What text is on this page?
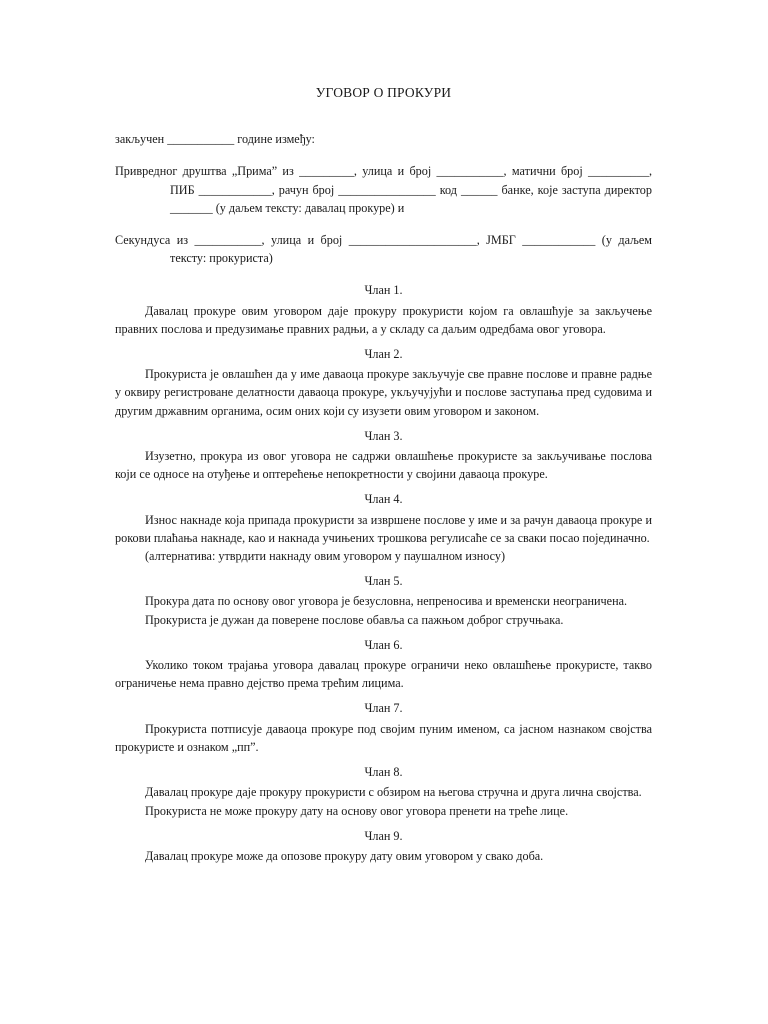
УГОВОР О ПРОКУРИ
закључен ___________ године између:
Привредног друштва „Прима” из _________, улица и број ___________, матични број __________, ПИБ ____________, рачун број ________________ код ______ банке, које заступа директор _______ (у даљем тексту: давалац прокуре) и
Секундуса из ___________, улица и број _____________________, ЈМБГ ____________ (у даљем тексту: прокуриста)
Члан 1.
Давалац прокуре овим уговором даје прокуру прокуристи којом га овлашћује за закључење правних послова и предузимање правних радњи, а у складу са даљим одредбама овог уговора.
Члан 2.
Прокуриста је овлашћен да у име даваоца прокуре закључује све правне послове и правне радње у оквиру регистроване делатности даваоца прокуре, укључујући и послове заступања пред судовима и другим државним органима, осим оних који су изузети овим уговором и законом.
Члан 3.
Изузетно, прокура из овог уговора не садржи овлашћење прокуристе за закључивање послова који се односе на отуђење и оптерећење непокретности у својини даваоца прокуре.
Члан 4.
Износ накнаде која припада прокуристи за извршене послове у име и за рачун даваоца прокуре и рокови плаћања накнаде, као и накнада учињених трошкова регулисаће се за сваки посао појединачно.
(алтернатива: утврдити накнаду овим уговором у паушалном износу)
Члан 5.
Прокура дата по основу овог уговора је безусловна, непреносива и временски неограничена.
Прокуриста је дужан да поверене послове обавља са пажњом доброг стручњака.
Члан 6.
Уколико током трајања уговора давалац прокуре ограничи неко овлашћење прокуристе, такво ограничење нема правно дејство према трећим лицима.
Члан 7.
Прокуриста потписује даваоца прокуре под својим пуним именом, са јасном назнаком својства прокуристе и ознаком „пп”.
Члан 8.
Давалац прокуре даје прокуру прокуристи с обзиром на његова стручна и друга лична својства.
Прокуриста не може прокуру дату на основу овог уговора пренети на треће лице.
Члан 9.
Давалац прокуре може да опозове прокуру дату овим уговором у свако доба.
